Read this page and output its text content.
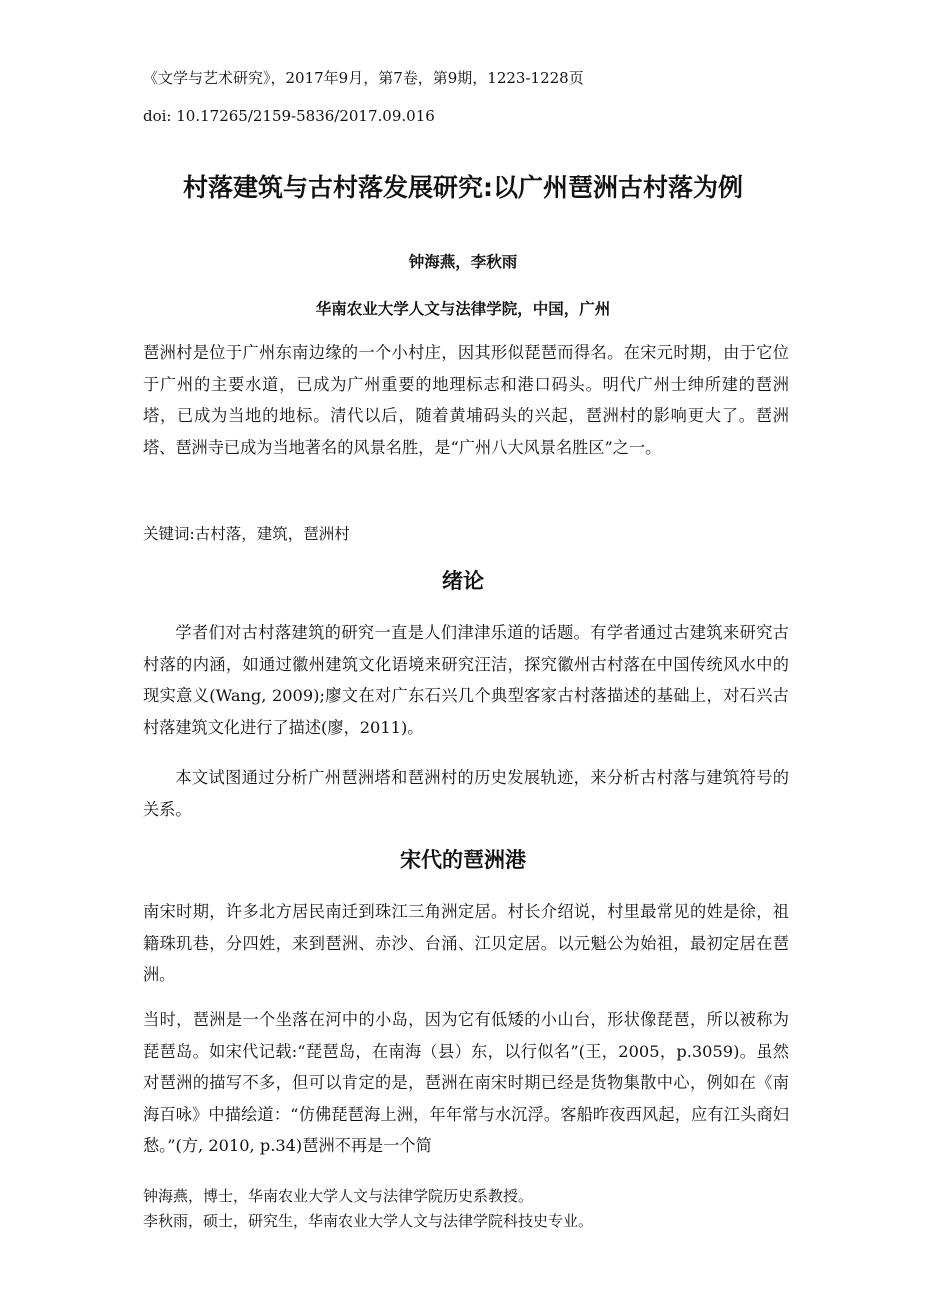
《文学与艺术研究》，2017年9月，第7卷，第9期，1223-1228页
doi: 10.17265/2159-5836/2017.09.016
村落建筑与古村落发展研究:以广州琶洲古村落为例
钟海燕，李秋雨
华南农业大学人文与法律学院，中国，广州

琶洲村是位于广州东南边缘的一个小村庄，因其形似琵琶而得名。在宋元时期，由于它位于广州的主要水道，已成为广州重要的地理标志和港口码头。明代广州士绅所建的琶洲塔，已成为当地的地标。清代以后，随着黄埔码头的兴起，琶洲村的影响更大了。琶洲塔、琶洲寺已成为当地著名的风景名胜，是“广州八大风景名胜区”之一。

关键词:古村落，建筑，琶洲村
绪论

学者们对古村落建筑的研究一直是人们津津乐道的话题。有学者通过古建筑来研究古村落的内涵，如通过徽州建筑文化语境来研究汪洁，探究徽州古村落在中国传统风水中的现实意义(Wang, 2009);廖文在对广东石兴几个典型客家古村落描述的基础上，对石兴古村落建筑文化进行了描述(廖，2011)。

本文试图通过分析广州琶洲塔和琶洲村的历史发展轨迹，来分析古村落与建筑符号的关系。

宋代的琶洲港

南宋时期，许多北方居民南迁到珠江三角洲定居。村长介绍说，村里最常见的姓是徐，祖籍珠玑巷，分四姓，来到琶洲、赤沙、台涌、江贝定居。以元魁公为始祖，最初定居在琶洲。

当时，琶洲是一个坐落在河中的小岛，因为它有低矮的小山台，形状像琵琶，所以被称为琵琶岛。如宋代记载:“琵琶岛，在南海（县）东，以行似名”(王，2005，p.3059)。虽然对琶洲的描写不多，但可以肯定的是，琶洲在南宋时期已经是货物集散中心，例如在《南海百咏》中描绘道：“仿佛琵琶海上洲，年年常与水沉浮。客船昨夜西风起，应有江头商妇愁。”(方, 2010, p.34)琶洲不再是一个简

钟海燕，博士，华南农业大学人文与法律学院历史系教授。
李秋雨，硕士，研究生，华南农业大学人文与法律学院科技史专业。
